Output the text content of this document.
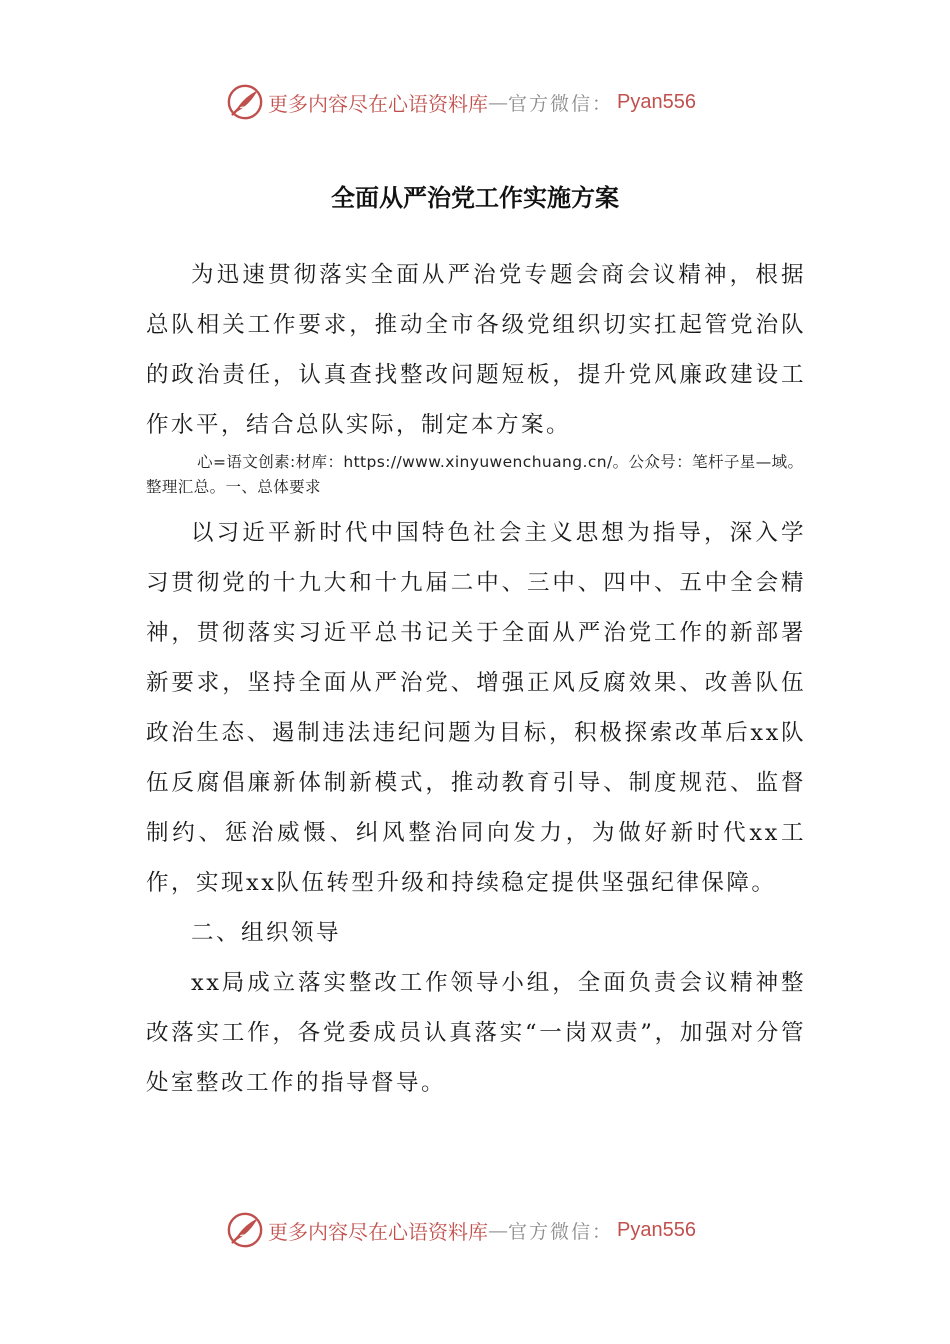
更多内容尽在心语资料库 — 官方微信： Pyan556
全面从严治党工作实施方案

为迅速贯彻落实全面从严治党专题会商会议精神，根据总队相关工作要求，推动全市各级党组织切实扛起管党治队的政治责任，认真查找整改问题短板，提升党风廉政建设工作水平，结合总队实际，制定本方案。

心=语文创素:材库：https://www.xinyuwenchuang.cn/。公众号：笔杆子星—域。整理汇总。一、总体要求

以习近平新时代中国特色社会主义思想为指导，深入学习贯彻党的十九大和十九届二中、三中、四中、五中全会精神，贯彻落实习近平总书记关于全面从严治党工作的新部署新要求，坚持全面从严治党、增强正风反腐效果、改善队伍政治生态、遏制违法违纪问题为目标，积极探索改革后xx队伍反腐倡廉新体制新模式，推动教育引导、制度规范、监督制约、惩治威慑、纠风整治同向发力，为做好新时代xx工作，实现xx队伍转型升级和持续稳定提供坚强纪律保障。

二、组织领导

xx局成立落实整改工作领导小组，全面负责会议精神整改落实工作，各党委成员认真落实“一岗双责”，加强对分管处室整改工作的指导督导。

更多内容尽在心语资料库 — 官方微信： Pyan556
